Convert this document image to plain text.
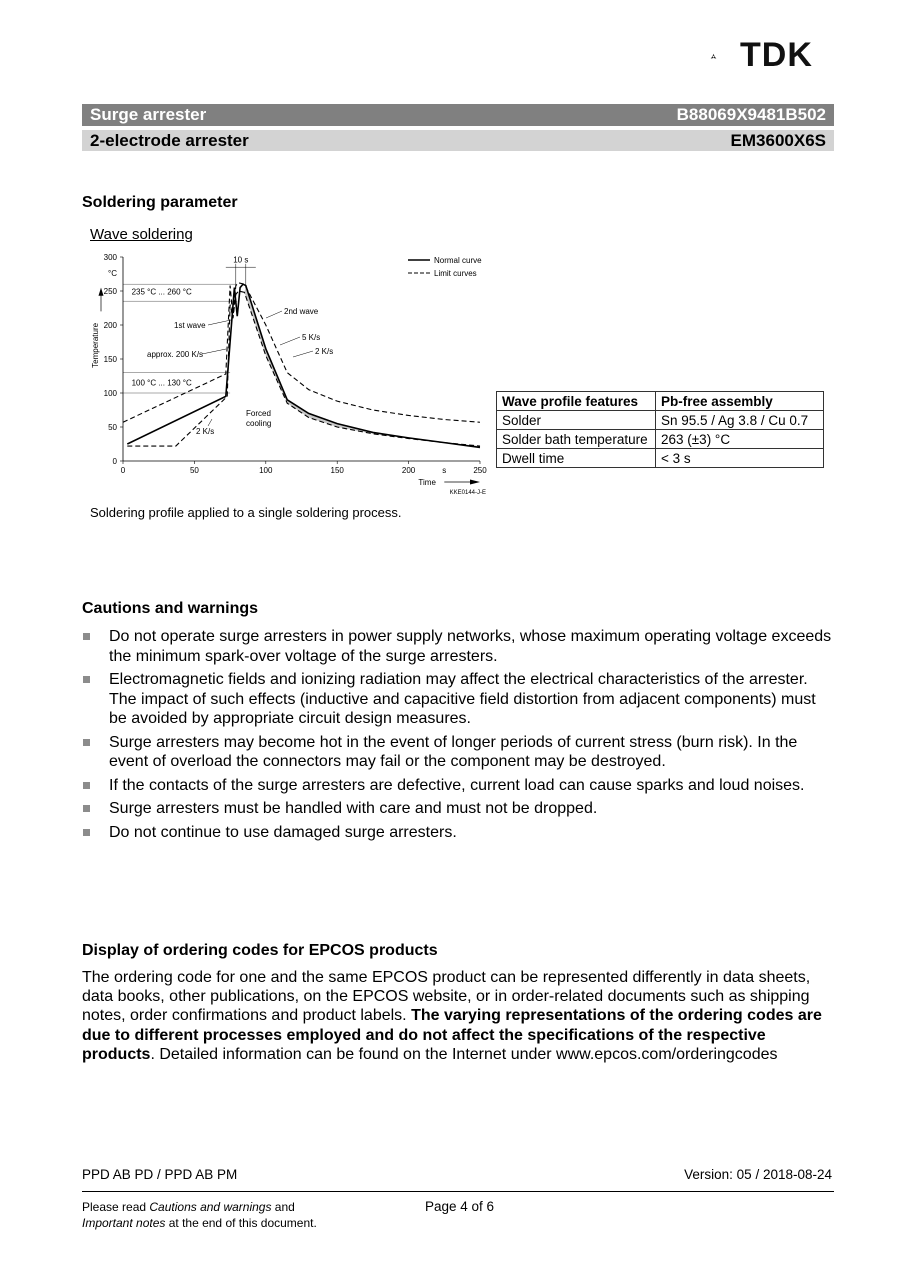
TDK
Surge arrester	B88069X9481B502
2-electrode arrester	EM3600X6S
Soldering parameter
Wave soldering
0
50
100
150
200
250
300
0	50	100	150	200	250
°C
Temperature
s
Time
235 °C ... 260 °C
100 °C ... 130 °C
10 s	Normal curve
Limit curves
2nd wave
1st wave
5 K/s
2 K/s
approx. 200 K/s
2 K/s
Forced
cooling
KKE0144-J-E
Soldering profile applied to a single soldering process.
Wave profile features	Pb-free assembly
Solder	Sn 95.5 / Ag 3.8 / Cu 0.7
Solder bath temperature	263 (±3) °C
Dwell time	< 3 s
Cautions and warnings
Do not operate surge arresters in power supply networks, whose maximum operating voltage exceeds the minimum spark-over voltage of the surge arresters.
Electromagnetic fields and ionizing radiation may affect the electrical characteristics of the arrester. The impact of such effects (inductive and capacitive field distortion from adjacent components) must be avoided by appropriate circuit design measures.
Surge arresters may become hot in the event of longer periods of current stress (burn risk). In the event of overload the connectors may fail or the component may be destroyed.
If the contacts of the surge arresters are defective, current load can cause sparks and loud noises.
Surge arresters must be handled with care and must not be dropped.
Do not continue to use damaged surge arresters.
Display of ordering codes for EPCOS products
The ordering code for one and the same EPCOS product can be represented differently in data sheets, data books, other publications, on the EPCOS website, or in order-related documents such as shipping notes, order confirmations and product labels. The varying representations of the ordering codes are due to different processes employed and do not affect the specifications of the respective products. Detailed information can be found on the Internet under www.epcos.com/orderingcodes
PPD AB PD / PPD AB PM	Version: 05 / 2018-08-24
Please read Cautions and warnings and
Important notes at the end of this document.
Page 4 of 6
